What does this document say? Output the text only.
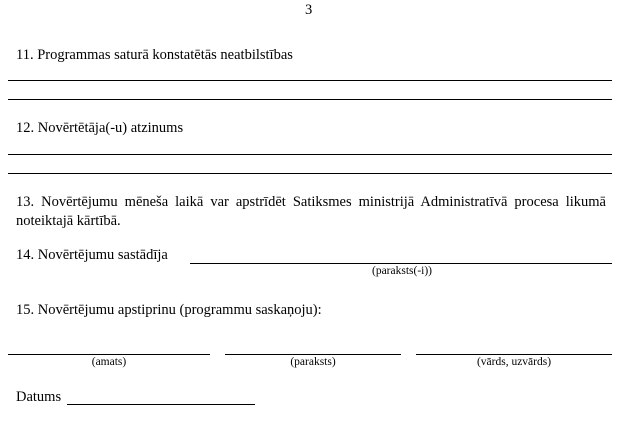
3
11. Programmas saturā konstatētās neatbilstības
12. Novērtētāja(-u) atzinums
13. Novērtējumu mēneša laikā var apstrīdēt Satiksmes ministrijā Administratīvā procesa likumā noteiktajā kārtībā.
14. Novērtējumu sastādīja
(paraksts(-i))
15. Novērtējumu apstiprinu (programmu saskaņoju):
(amats)	(paraksts)	(vārds, uzvārds)
Datums
